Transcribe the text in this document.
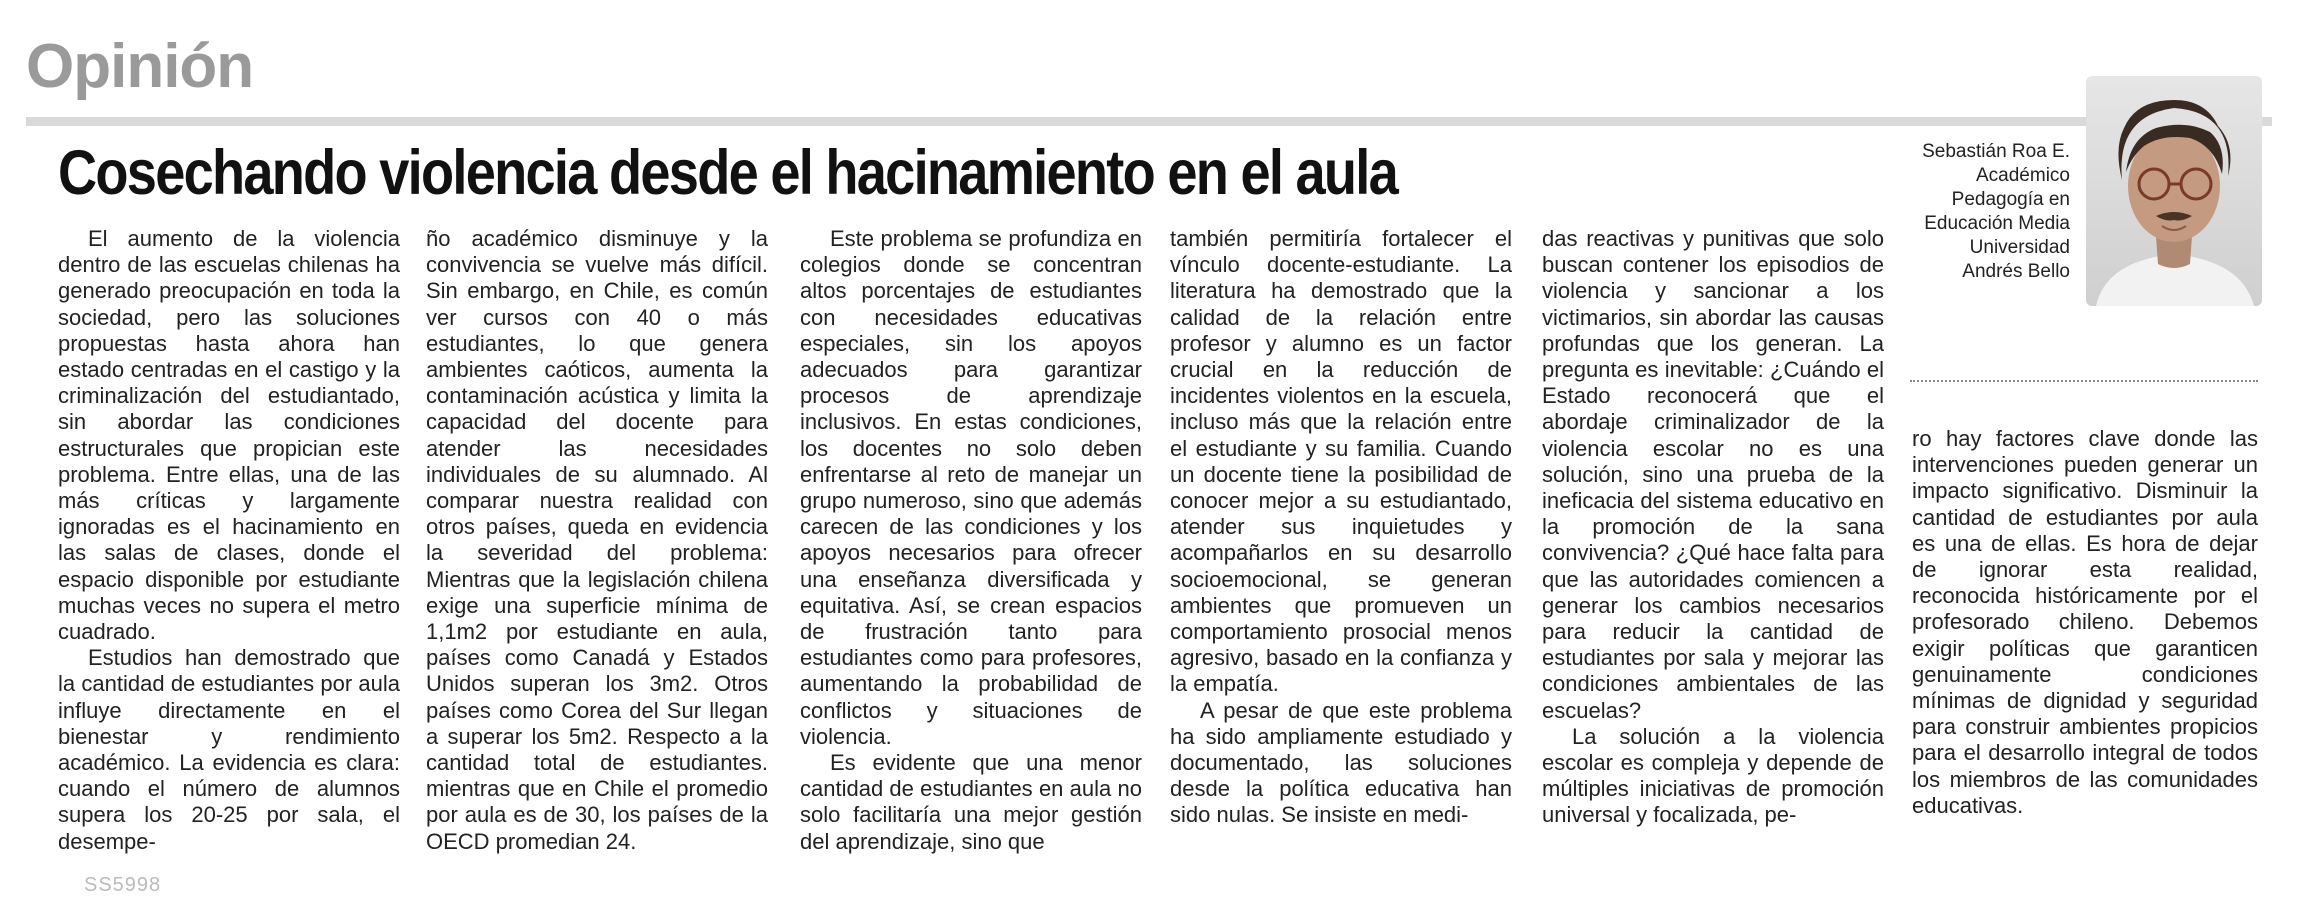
Opinión
Cosechando violencia desde el hacinamiento en el aula

El aumento de la violencia dentro de las escuelas chilenas ha generado preocupación en toda la sociedad, pero las soluciones propuestas hasta ahora han estado centradas en el castigo y la criminalización del estudiantado, sin abordar las condiciones estructurales que propician este problema. Entre ellas, una de las más críticas y largamente ignoradas es el hacinamiento en las salas de clases, donde el espacio disponible por estudiante muchas veces no supera el metro cuadrado.

Estudios han demostrado que la cantidad de estudiantes por aula influye directamente en el bienestar y rendimiento académico. La evidencia es clara: cuando el número de alumnos supera los 20-25 por sala, el desempe-

ño académico disminuye y la convivencia se vuelve más difícil. Sin embargo, en Chile, es común ver cursos con 40 o más estudiantes, lo que genera ambientes caóticos, aumenta la contaminación acústica y limita la capacidad del docente para atender las necesidades individuales de su alumnado. Al comparar nuestra realidad con otros países, queda en evidencia la severidad del problema: Mientras que la legislación chilena exige una superficie mínima de 1,1m2 por estudiante en aula, países como Canadá y Estados Unidos superan los 3m2. Otros países como Corea del Sur llegan a superar los 5m2. Respecto a la cantidad total de estudiantes. mientras que en Chile el promedio por aula es de 30, los países de la OECD promedian 24.

Este problema se profundiza en colegios donde se concentran altos porcentajes de estudiantes con necesidades educativas especiales, sin los apoyos adecuados para garantizar procesos de aprendizaje inclusivos. En estas condiciones, los docentes no solo deben enfrentarse al reto de manejar un grupo numeroso, sino que además carecen de las condiciones y los apoyos necesarios para ofrecer una enseñanza diversificada y equitativa. Así, se crean espacios de frustración tanto para estudiantes como para profesores, aumentando la probabilidad de conflictos y situaciones de violencia.

Es evidente que una menor cantidad de estudiantes en aula no solo facilitaría una mejor gestión del aprendizaje, sino que

también permitiría fortalecer el vínculo docente-estudiante. La literatura ha demostrado que la calidad de la relación entre profesor y alumno es un factor crucial en la reducción de incidentes violentos en la escuela, incluso más que la relación entre el estudiante y su familia. Cuando un docente tiene la posibilidad de conocer mejor a su estudiantado, atender sus inquietudes y acompañarlos en su desarrollo socioemocional, se generan ambientes que promueven un comportamiento prosocial menos agresivo, basado en la confianza y la empatía.

A pesar de que este problema ha sido ampliamente estudiado y documentado, las soluciones desde la política educativa han sido nulas. Se insiste en medi-

das reactivas y punitivas que solo buscan contener los episodios de violencia y sancionar a los victimarios, sin abordar las causas profundas que los generan. La pregunta es inevitable: ¿Cuándo el Estado reconocerá que el abordaje criminalizador de la violencia escolar no es una solución, sino una prueba de la ineficacia del sistema educativo en la promoción de la sana convivencia? ¿Qué hace falta para que las autoridades comiencen a generar los cambios necesarios para reducir la cantidad de estudiantes por sala y mejorar las condiciones ambientales de las escuelas?

La solución a la violencia escolar es compleja y depende de múltiples iniciativas de promoción universal y focalizada, pe-

Sebastián Roa E.
Académico
Pedagogía en
Educación Media
Universidad
Andrés Bello

ro hay factores clave donde las intervenciones pueden generar un impacto significativo. Disminuir la cantidad de estudiantes por aula es una de ellas. Es hora de dejar de ignorar esta realidad, reconocida históricamente por el profesorado chileno. Debemos exigir políticas que garanticen genuinamente condiciones mínimas de dignidad y seguridad para construir ambientes propicios para el desarrollo integral de todos los miembros de las comunidades educativas.

SS5998
